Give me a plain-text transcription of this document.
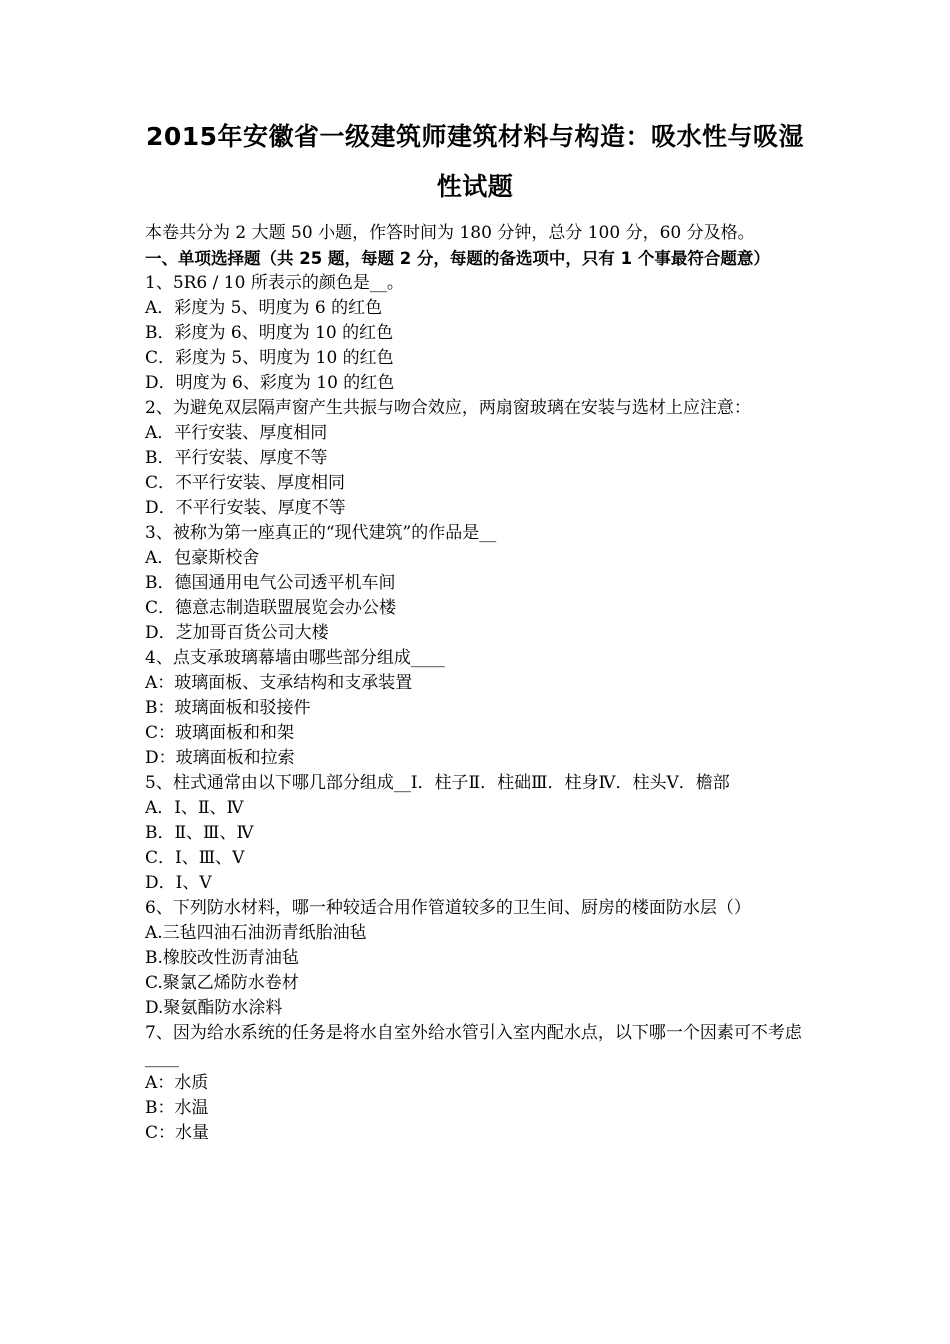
2015年安徽省一级建筑师建筑材料与构造：吸水性与吸湿
性试题

本卷共分为 2 大题 50 小题，作答时间为 180 分钟，总分 100 分，60 分及格。

一、单项选择题（共 25 题，每题 2 分，每题的备选项中，只有 1 个事最符合题意）

1、5R6 / 10 所表示的颜色是__。

A．彩度为 5、明度为 6 的红色

B．彩度为 6、明度为 10 的红色

C．彩度为 5、明度为 10 的红色

D．明度为 6、彩度为 10 的红色

2、为避免双层隔声窗产生共振与吻合效应，两扇窗玻璃在安装与选材上应注意：

A．平行安装、厚度相同

B．平行安装、厚度不等

C．不平行安装、厚度相同

D．不平行安装、厚度不等

3、被称为第一座真正的“现代建筑”的作品是__

A．包豪斯校舍

B．德国通用电气公司透平机车间

C．德意志制造联盟展览会办公楼

D．芝加哥百货公司大楼

4、点支承玻璃幕墙由哪些部分组成____

A：玻璃面板、支承结构和支承装置

B：玻璃面板和驳接件

C：玻璃面板和和架

D：玻璃面板和拉索

5、柱式通常由以下哪几部分组成__Ⅰ．柱子Ⅱ．柱础Ⅲ．柱身Ⅳ．柱头Ⅴ．檐部

A．Ⅰ、Ⅱ、Ⅳ

B．Ⅱ、Ⅲ、Ⅳ

C．Ⅰ、Ⅲ、Ⅴ

D．Ⅰ、Ⅴ

6、下列防水材料，哪一种较适合用作管道较多的卫生间、厨房的楼面防水层（）

A.三毡四油石油沥青纸胎油毡

B.橡胶改性沥青油毡

C.聚氯乙烯防水卷材

D.聚氨酯防水涂料

7、因为给水系统的任务是将水自室外给水管引入室内配水点，以下哪一个因素可不考虑____

A：水质

B：水温

C：水量
